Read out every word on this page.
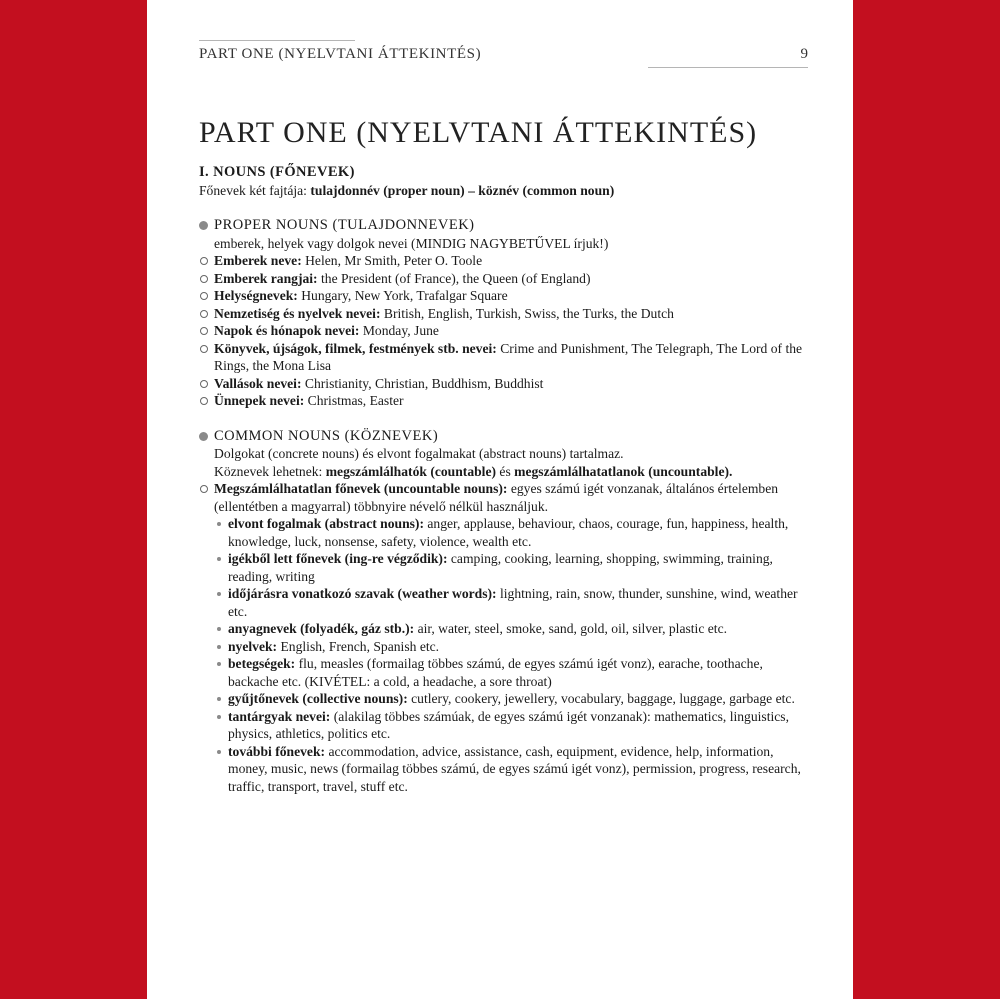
PART ONE (NYELVTANI ÁTTEKINTÉS)	9
PART ONE (NYELVTANI ÁTTEKINTÉS)
I. NOUNS (FŐNEVEK)
Főnevek két fajtája: tulajdonnév (proper noun) – köznév (common noun)
PROPER NOUNS (TULAJDONNEVEK)
emberek, helyek vagy dolgok nevei (MINDIG NAGYBETŰVEL írjuk!)
Emberek neve: Helen, Mr Smith, Peter O. Toole
Emberek rangjai: the President (of France), the Queen (of England)
Helységnevek: Hungary, New York, Trafalgar Square
Nemzetiség és nyelvek nevei: British, English, Turkish, Swiss, the Turks, the Dutch
Napok és hónapok nevei: Monday, June
Könyvek, újságok, filmek, festmények stb. nevei: Crime and Punishment, The Telegraph, The Lord of the Rings, the Mona Lisa
Vallások nevei: Christianity, Christian, Buddhism, Buddhist
Ünnepek nevei: Christmas, Easter
COMMON NOUNS (KÖZNEVEK)
Dolgokat (concrete nouns) és elvont fogalmakat (abstract nouns) tartalmaz.
Köznevek lehetnek: megszámlálhatók (countable) és megszámlálhatatlanok (uncountable).
Megszámlálhatatlan főnevek (uncountable nouns): egyes számú igét vonzanak, általános értelemben (ellentétben a magyarral) többnyire névelő nélkül használjuk.
elvont fogalmak (abstract nouns): anger, applause, behaviour, chaos, courage, fun, happiness, health, knowledge, luck, nonsense, safety, violence, wealth etc.
igékből lett főnevek (ing-re végződik): camping, cooking, learning, shopping, swimming, training, reading, writing
időjárásra vonatkozó szavak (weather words): lightning, rain, snow, thunder, sunshine, wind, weather etc.
anyagnevek (folyadék, gáz stb.): air, water, steel, smoke, sand, gold, oil, silver, plastic etc.
nyelvek: English, French, Spanish etc.
betegségek: flu, measles (formailag többes számú, de egyes számú igét vonz), earache, toothache, backache etc. (KIVÉTEL: a cold, a headache, a sore throat)
gyűjtőnevek (collective nouns): cutlery, cookery, jewellery, vocabulary, baggage, luggage, garbage etc.
tantárgyak nevei: (alakilag többes számúak, de egyes számú igét vonzanak): mathematics, linguistics, physics, athletics, politics etc.
további főnevek: accommodation, advice, assistance, cash, equipment, evidence, help, information, money, music, news (formailag többes számú, de egyes számú igét vonz), permission, progress, research, traffic, transport, travel, stuff etc.
